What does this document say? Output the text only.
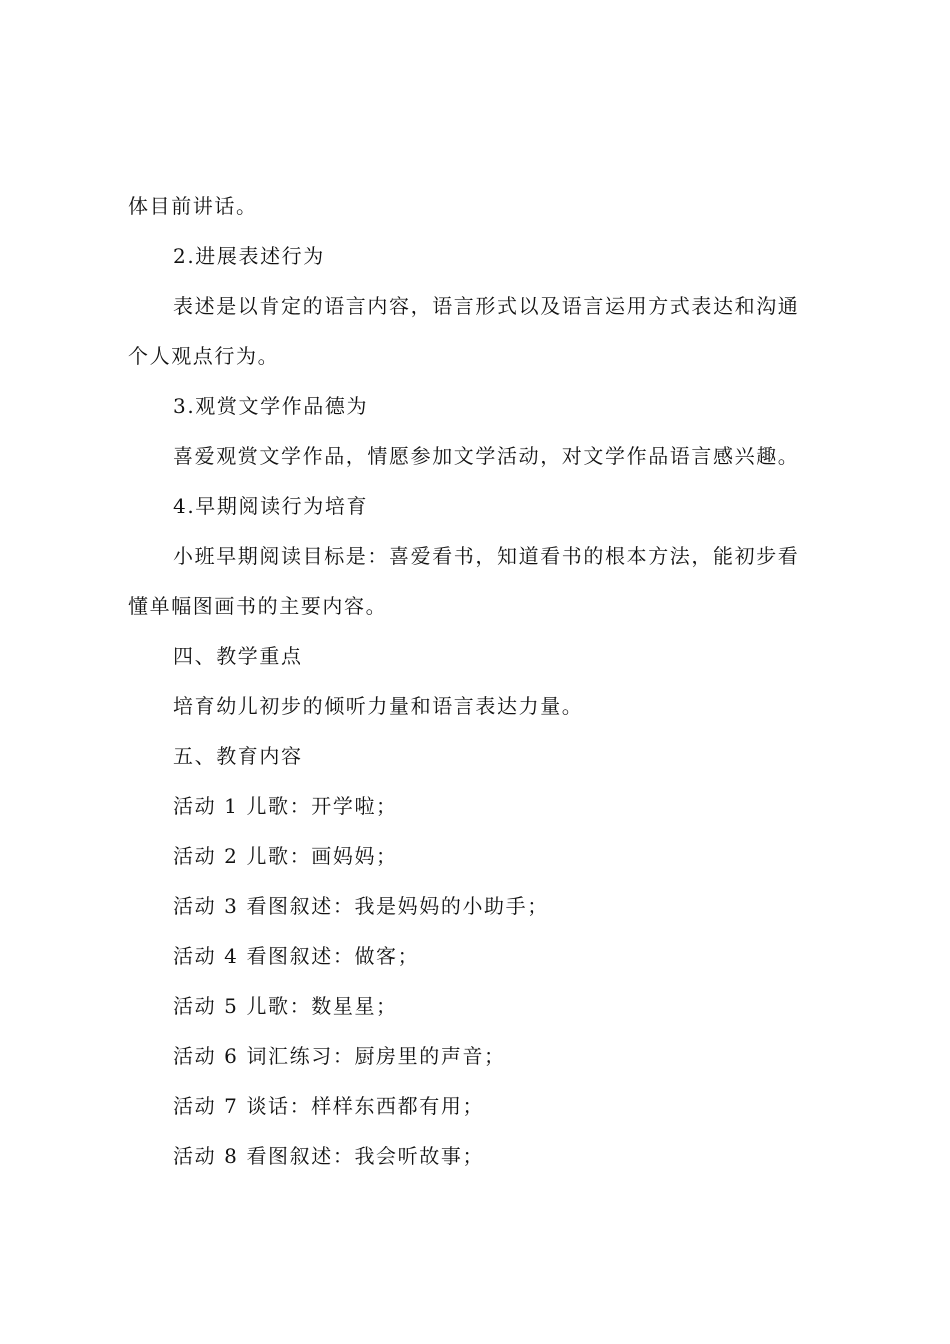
体目前讲话。
2.进展表述行为
表述是以肯定的语言内容，语言形式以及语言运用方式表达和沟通
个人观点行为。
3.观赏文学作品德为
喜爱观赏文学作品，情愿参加文学活动，对文学作品语言感兴趣。
4.早期阅读行为培育
小班早期阅读目标是：喜爱看书，知道看书的根本方法，能初步看
懂单幅图画书的主要内容。
四、教学重点
培育幼儿初步的倾听力量和语言表达力量。
五、教育内容
活动 1 儿歌：开学啦；
活动 2 儿歌：画妈妈；
活动 3 看图叙述：我是妈妈的小助手；
活动 4 看图叙述：做客；
活动 5 儿歌：数星星；
活动 6 词汇练习：厨房里的声音；
活动 7 谈话：样样东西都有用；
活动 8 看图叙述：我会听故事；
